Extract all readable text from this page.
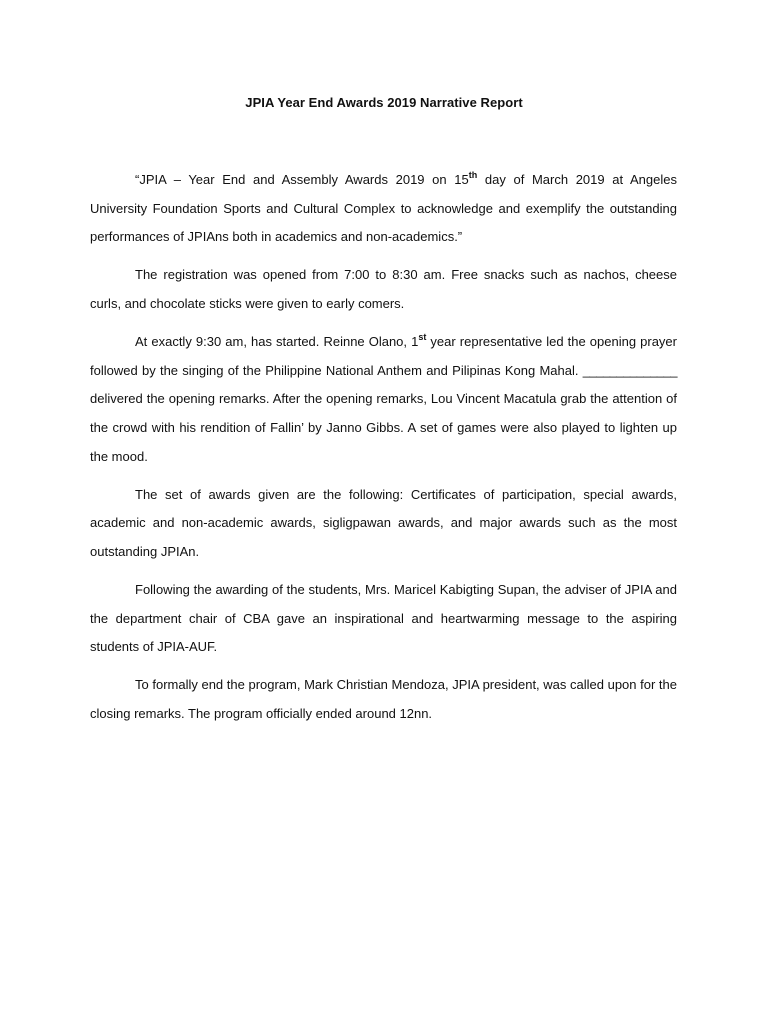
JPIA Year End Awards 2019 Narrative Report

“JPIA – Year End and Assembly Awards 2019 on 15th day of March 2019 at Angeles University Foundation Sports and Cultural Complex to acknowledge and exemplify the outstanding performances of JPIAns both in academics and non-academics.”

The registration was opened from 7:00 to 8:30 am. Free snacks such as nachos, cheese curls, and chocolate sticks were given to early comers.

At exactly 9:30 am, has started. Reinne Olano, 1st year representative led the opening prayer followed by the singing of the Philippine National Anthem and Pilipinas Kong Mahal. ______________ delivered the opening remarks. After the opening remarks, Lou Vincent Macatula grab the attention of the crowd with his rendition of Fallin’ by Janno Gibbs. A set of games were also played to lighten up the mood.

The set of awards given are the following: Certificates of participation, special awards, academic and non-academic awards, sigligpawan awards, and major awards such as the most outstanding JPIAn.

Following the awarding of the students, Mrs. Maricel Kabigting Supan, the adviser of JPIA and the department chair of CBA gave an inspirational and heartwarming message to the aspiring students of JPIA-AUF.

To formally end the program, Mark Christian Mendoza, JPIA president, was called upon for the closing remarks. The program officially ended around 12nn.
